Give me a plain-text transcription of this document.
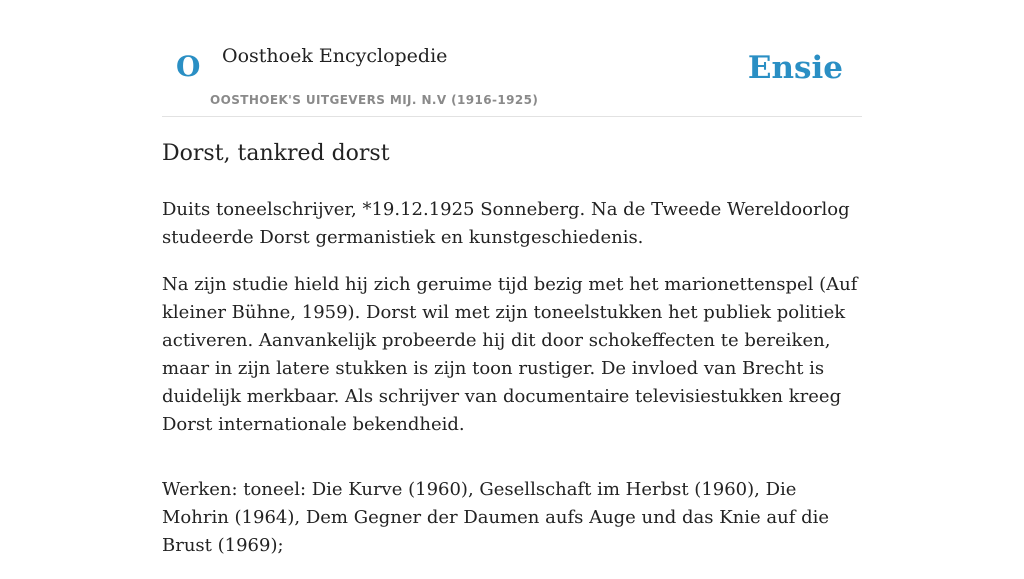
O Oosthoek Encyclopedie
OOSTHOEK'S UITGEVERS MIJ. N.V (1916-1925)
Ensie
Dorst, tankred dorst

Duits toneelschrijver, *19.12.1925 Sonneberg. Na de Tweede Wereldoorlog studeerde Dorst germanistiek en kunstgeschiedenis.

Na zijn studie hield hij zich geruime tijd bezig met het marionettenspel (Auf kleiner Bühne, 1959). Dorst wil met zijn toneelstukken het publiek politiek activeren. Aanvankelijk probeerde hij dit door schokeffecten te bereiken, maar in zijn latere stukken is zijn toon rustiger. De invloed van Brecht is duidelijk merkbaar. Als schrijver van documentaire televisiestukken kreeg Dorst internationale bekendheid.

Werken: toneel: Die Kurve (1960), Gesellschaft im Herbst (1960), Die Mohrin (1964), Dem Gegner der Daumen aufs Auge und das Knie auf die Brust (1969);
